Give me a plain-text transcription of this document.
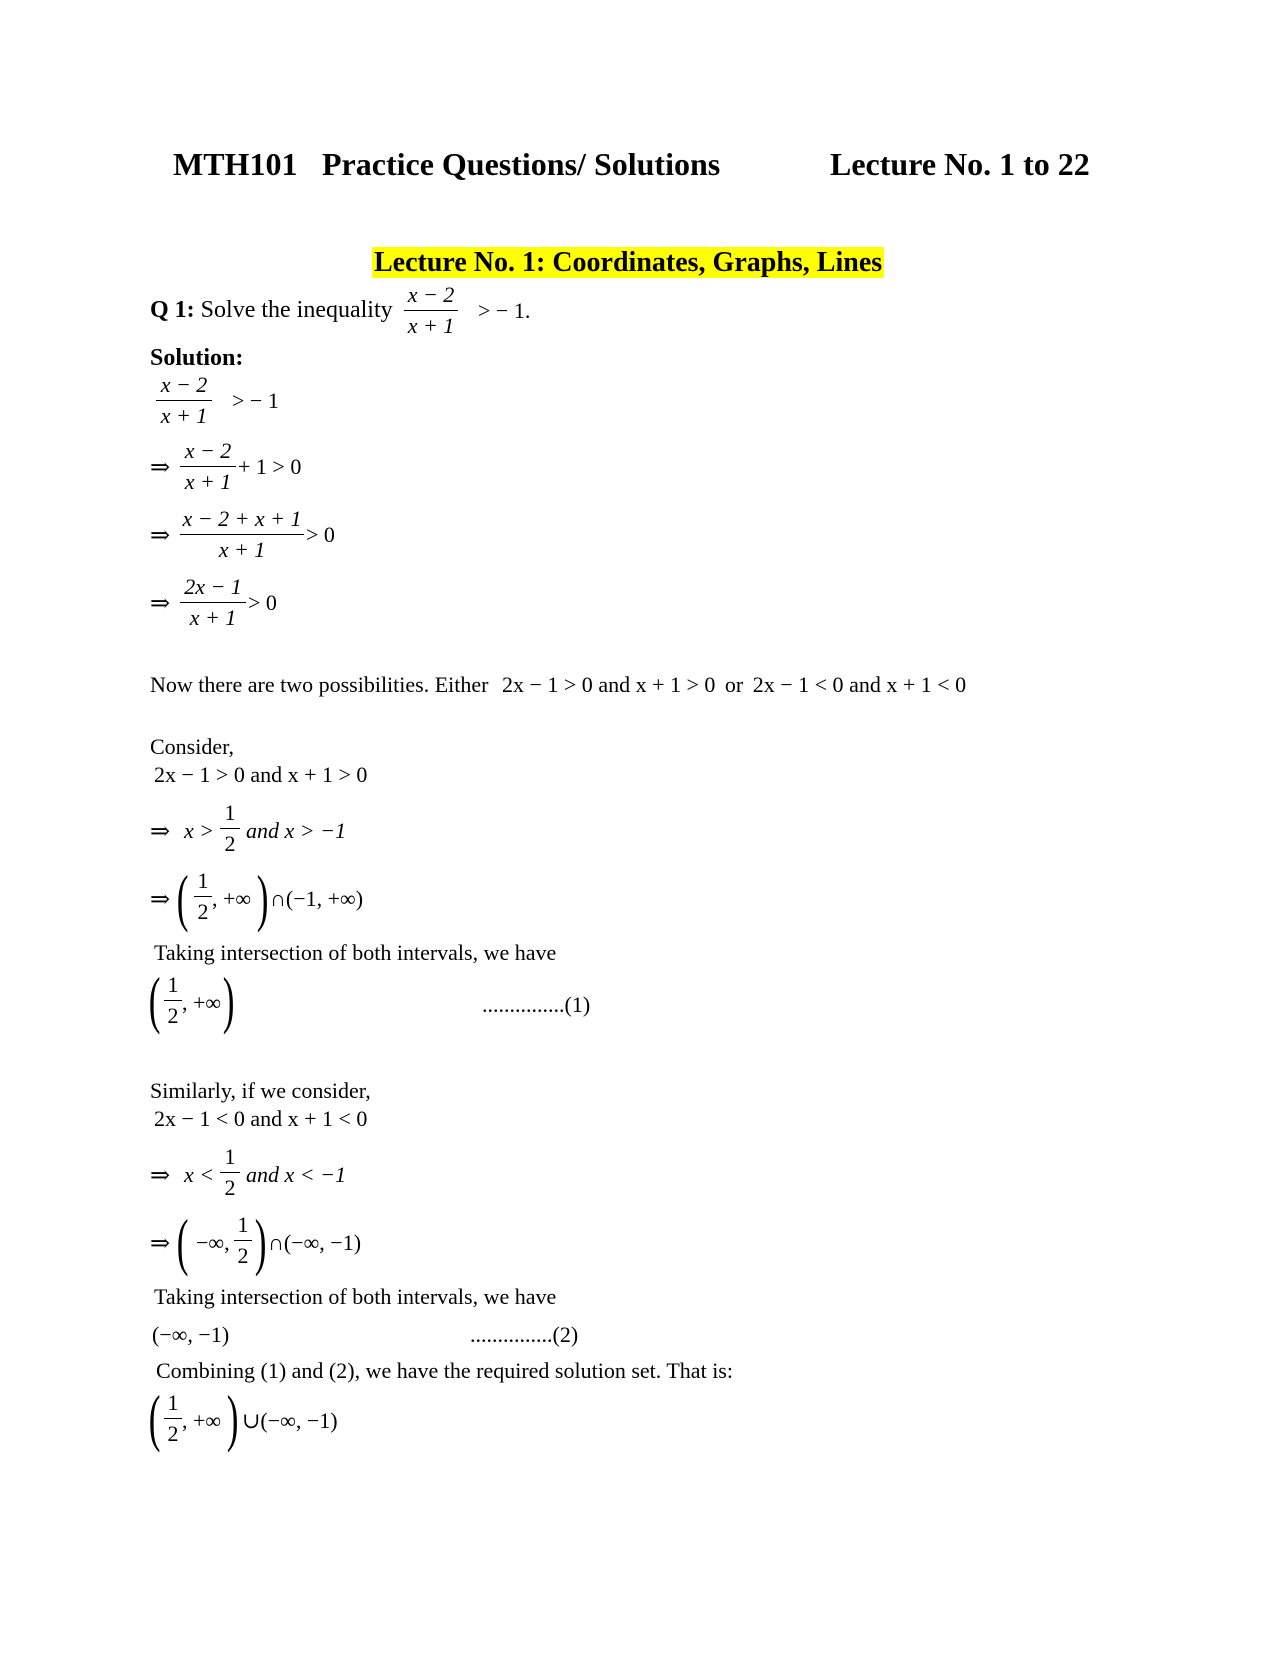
MTH101 Practice Questions/ Solutions	Lecture No. 1 to 22
Lecture No. 1: Coordinates, Graphs, Lines
Q 1: Solve the inequality
x − 2
x + 1
> − 1.
Solution:
x − 2
x + 1
> − 1
⇒
x − 2
x + 1
+ 1 > 0
⇒
x − 2 + x + 1
x + 1
> 0
⇒
2x − 1
x + 1
> 0
Now there are two possibilities. Either 2x − 1 > 0 and x + 1 > 0 or 2x − 1 < 0 and x + 1 < 0
Consider,
2x − 1 > 0 and x + 1 > 0
⇒ x >
1
2
and x > −1
⇒ ( 1
2
, +∞ ) ∩(−1, +∞)
Taking intersection of both intervals, we have
( 1
2
, +∞ )	...............(1)
Similarly, if we consider,
2x − 1 < 0 and x + 1 < 0
⇒ x <
1
2
and x < −1
⇒ ( −∞,
1
2 ) ∩(−∞, −1)
Taking intersection of both intervals, we have
(−∞, −1)	...............(2)
Combining (1) and (2), we have the required solution set. That is:
( 1
2
, +∞ ) ∪(−∞, −1)
